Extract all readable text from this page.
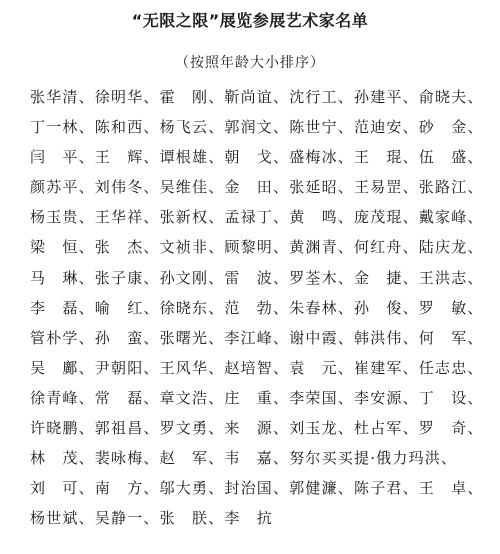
“无限之限”展览参展艺术家名单
（按照年龄大小排序）
张华清、徐明华、霍　刚、靳尚谊、沈行工、孙建平、俞晓夫、
丁一林、陈和西、杨飞云、郭润文、陈世宁、范迪安、砂　金、
闫　平、王　辉、谭根雄、朝　戈、盛梅冰、王　琨、伍　盛、
颜苏平、刘伟冬、吴维佳、金　田、张延昭、王易罡、张路江、
杨玉贵、王华祥、张新权、孟禄丁、黄　鸣、庞茂琨、戴家峰、
梁　恒、张　杰、文祯非、顾黎明、黄渊青、何红舟、陆庆龙、
马　琳、张子康、孙文刚、雷　波、罗荃木、金　捷、王洪志、
李　磊、喻　红、徐晓东、范　勃、朱春林、孙　俊、罗　敏、
管朴学、孙　蛮、张曙光、李江峰、谢中霞、韩洪伟、何　军、
吴　鄺、尹朝阳、王风华、赵培智、袁　元、崔建军、任志忠、
徐青峰、常　磊、章文浩、庄　重、李荣国、李安源、丁　设、
许晓鹏、郭祖昌、罗文勇、来　源、刘玉龙、杜占军、罗　奇、
林　茂、裴咏梅、赵　军、韦　嘉、努尔买买提·俄力玛洪、
刘　可、南　方、邬大勇、封治国、郭健濂、陈子君、王　卓、
杨世斌、吴静一、张　朕、李　抗
